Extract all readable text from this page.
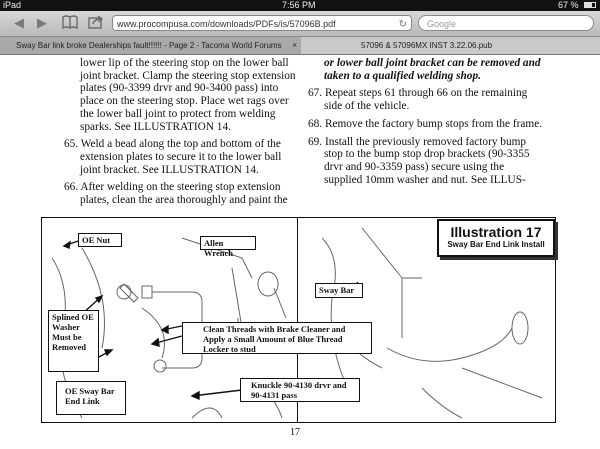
iPad	7:56 PM	67 %
◀ ▶	www.procompusa.com/downloads/PDFs/is/57096B.pdf	↻	Google
Sway Bar link broke Dealerships fault!!!!!! - Page 2 - Tacoma World Forums	×	57096 & 57096MX INST 3.22.06.pub

lower lip of the steering stop on the lower ball joint bracket. Clamp the steering stop extension plates (90-3399 drvr and 90-3400 pass) into place on the steering stop. Place wet rags over the lower ball joint to protect from welding sparks. See ILLUSTRATION 14.

65. Weld a bead along the top and bottom of the extension plates to secure it to the lower ball joint bracket. See ILLUSTRATION 14.

66. After welding on the steering stop extension plates, clean the area thoroughly and paint the

or lower ball joint bracket can be removed and taken to a qualified welding shop.

67. Repeat steps 61 through 66 on the remaining side of the vehicle.

68. Remove the factory bump stops from the frame.

69. Install the previously removed factory bump stop to the bump stop drop brackets (90-3355 drvr and 90-3359 pass) secure using the supplied 10mm washer and nut. See ILLUS-

Illustration 17
Sway Bar End Link Install
OE Nut	Allen Wrench
Sway Bar
Splined OE Washer Must be Removed
Clean Threads with Brake Cleaner and Apply a Small Amount of Blue Thread Locker to stud
OE Sway Bar End Link
Knuckle 90-4130 drvr and 90-4131 pass
17
